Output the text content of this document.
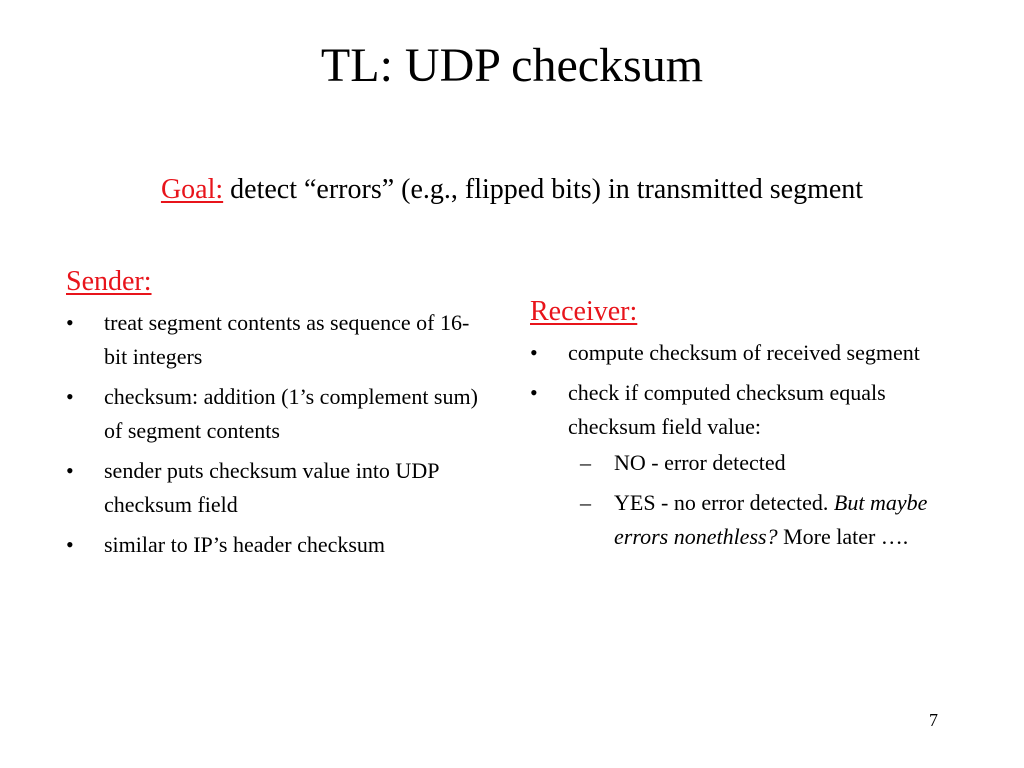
TL: UDP checksum
Goal: detect “errors” (e.g., flipped bits) in transmitted segment
Sender:
• treat segment contents as sequence of 16-bit integers
• checksum: addition (1’s complement sum) of segment contents
• sender puts checksum value into UDP checksum field
• similar to IP’s header checksum
Receiver:
• compute checksum of received segment
• check if computed checksum equals checksum field value:
– NO - error detected
– YES - no error detected. But maybe errors nonethless? More later ….
7
